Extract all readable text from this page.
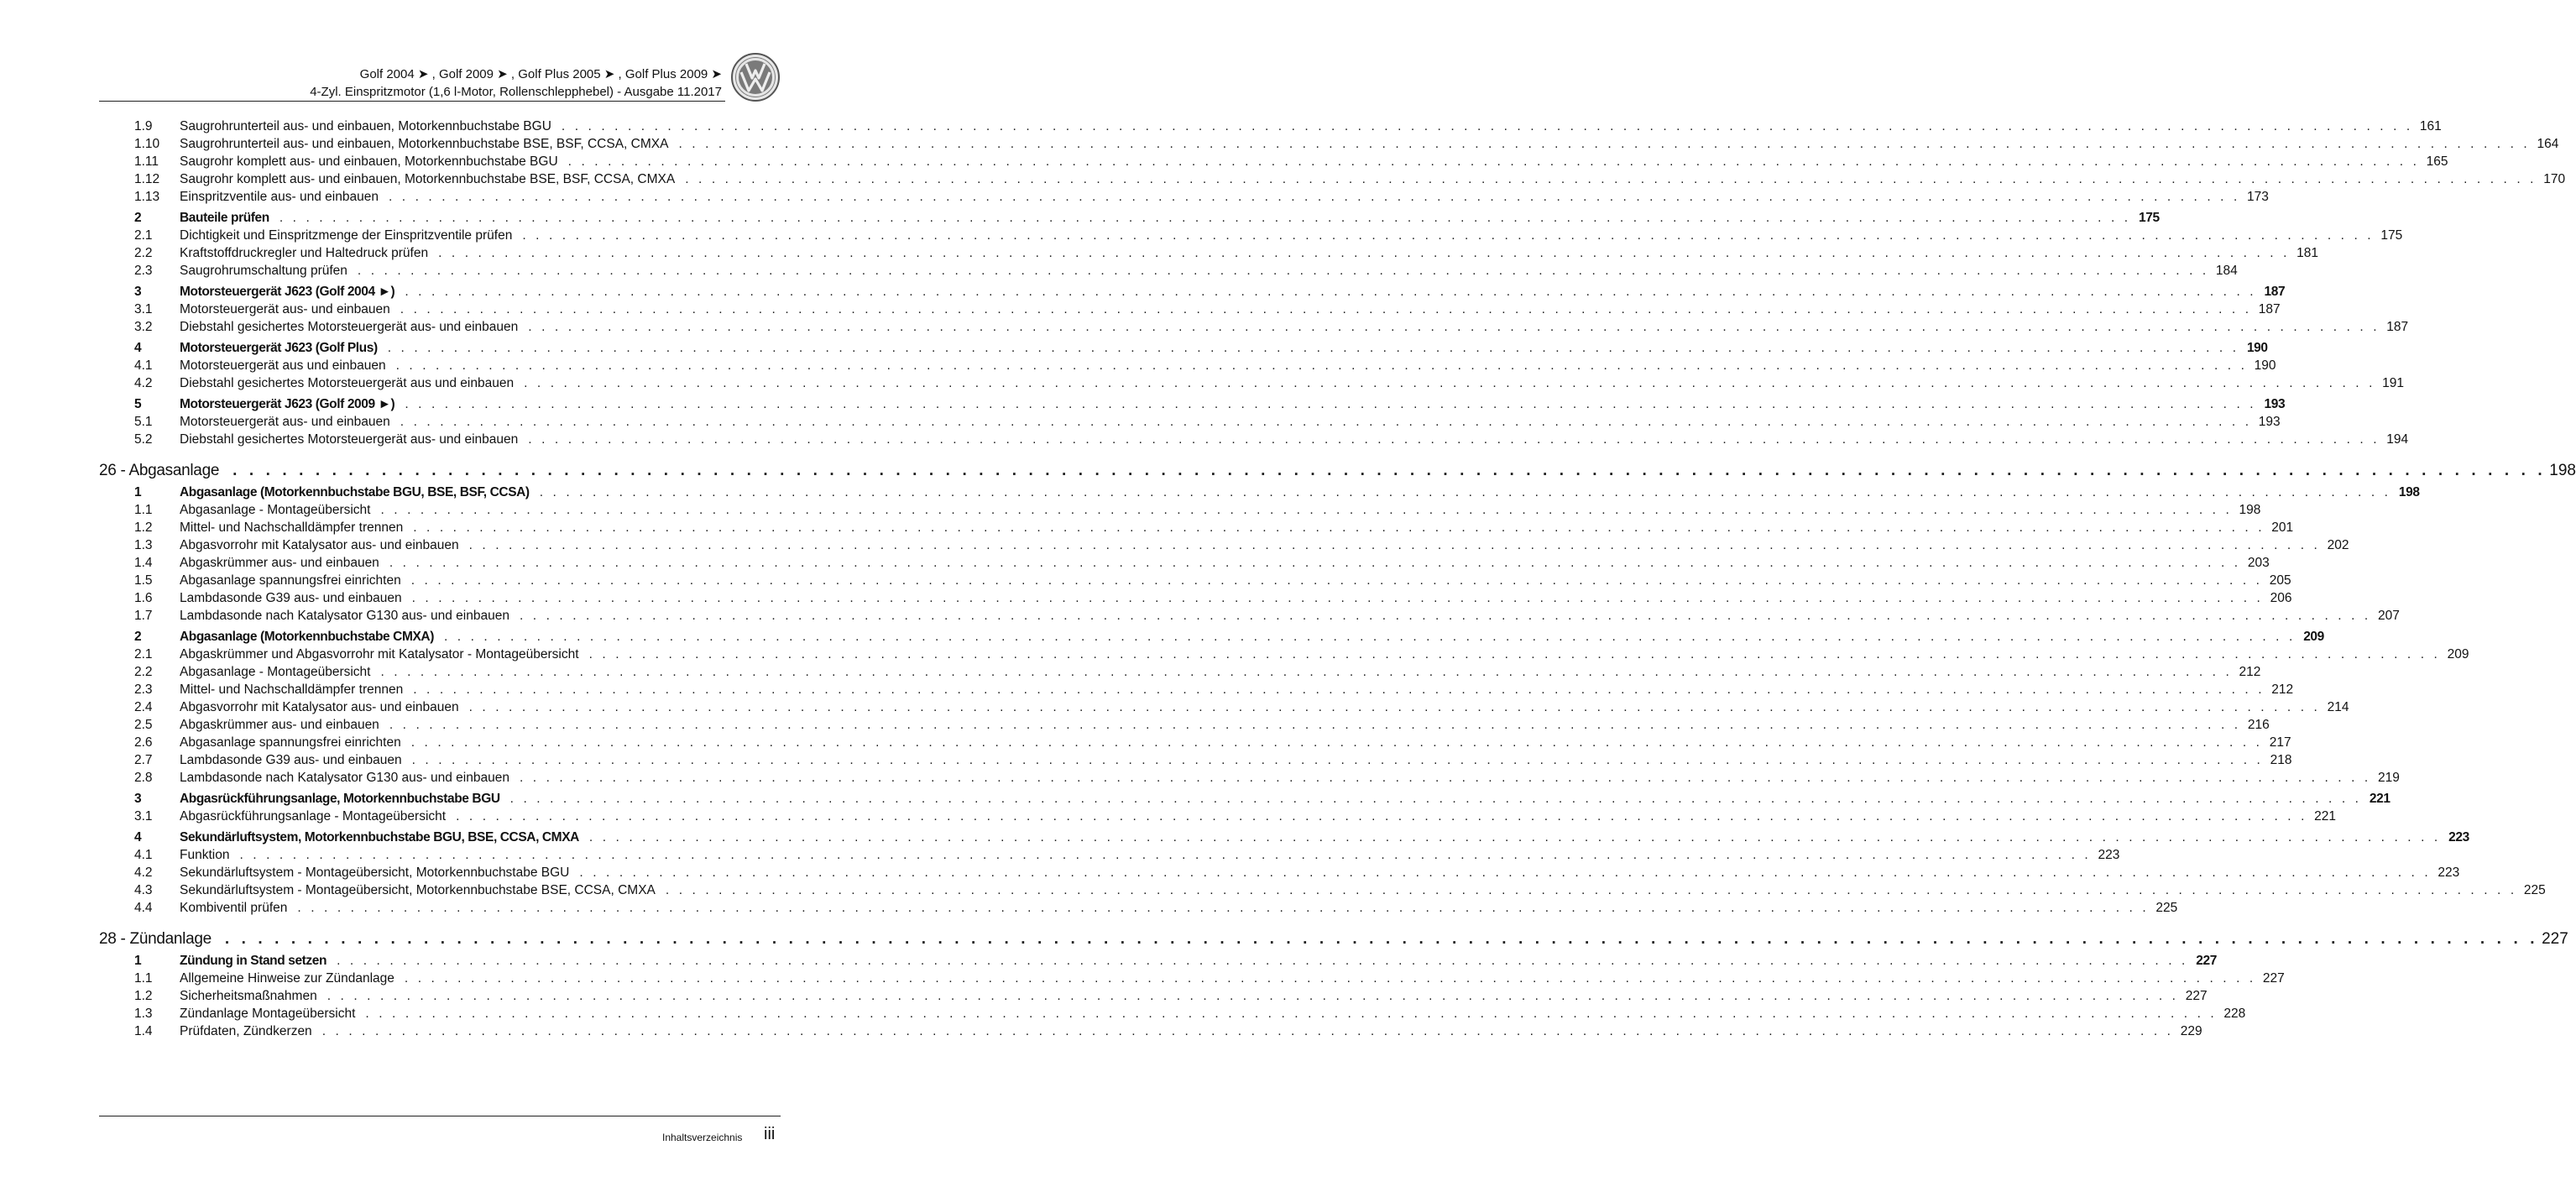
Golf 2004 ➤ , Golf 2009 ➤ , Golf Plus 2005 ➤ , Golf Plus 2009 ➤
4-Zyl. Einspritzmotor (1,6 l-Motor, Rollenschlepphebel) - Ausgabe 11.2017
1.9	Saugrohrunterteil aus- und einbauen, Motorkennbuchstabe BGU . . . . . . . . . . . . . . . . . . . . . . . . . . . . . . . . . . . . . . . . . . . . . . . . . . . . . . . . . . . . . . . . . . . . . . . . . . . . . . . . . . . . . . . . . . . . . . . . . . . . . . . . . . . . . . . . . . . . . . . . . . . . . . . . . . . . . . . . . . . . 161
1.10	Saugrohrunterteil aus- und einbauen, Motorkennbuchstabe BSE, BSF, CCSA, CMXA . . . . . . . . . . . . . . . . . . . . . . . . . . . . . . . . . . . . . . . . . . . . . . . . . . . . . . . . . . . . . . . . . . . . . . . . . . . . . . . . . . . . . . . . . . . . . . . . . . . . . . . . . . . . . . . . . . . . . . . . . . . . . . . . . . . . . . . . . . . . 164
1.11	Saugrohr komplett aus- und einbauen, Motorkennbuchstabe BGU . . . . . . . . . . . . . . . . . . . . . . . . . . . . . . . . . . . . . . . . . . . . . . . . . . . . . . . . . . . . . . . . . . . . . . . . . . . . . . . . . . . . . . . . . . . . . . . . . . . . . . . . . . . . . . . . . . . . . . . . . . . . . . . . . . . . . . . . . . . . 165
1.12	Saugrohr komplett aus- und einbauen, Motorkennbuchstabe BSE, BSF, CCSA, CMXA . . . . . . . . . . . . . . . . . . . . . . . . . . . . . . . . . . . . . . . . . . . . . . . . . . . . . . . . . . . . . . . . . . . . . . . . . . . . . . . . . . . . . . . . . . . . . . . . . . . . . . . . . . . . . . . . . . . . . . . . . . . . . . . . . . . . . . . . . . . . 170
1.13	Einspritzventile aus- und einbauen . . . . . . . . . . . . . . . . . . . . . . . . . . . . . . . . . . . . . . . . . . . . . . . . . . . . . . . . . . . . . . . . . . . . . . . . . . . . . . . . . . . . . . . . . . . . . . . . . . . . . . . . . . . . . . . . . . . . . . . . . . . . . . . . . . . . . . . . . . . . 173
2	Bauteile prüfen . . . . . . . . . . . . . . . . . . . . . . . . . . . . . . . . . . . . . . . . . . . . . . . . . . . . . . . . . . . . . . . . . . . . . . . . . . . . . . . . . . . . . . . . . . . . . . . . . . . . . . . . . . . . . . . . . . . . . . . . . . . . . . . . . . . . . . . . . . . . 175
2.1	Dichtigkeit und Einspritzmenge der Einspritzventile prüfen . . . . . . . . . . . . . . . . . . . . . . . . . . . . . . . . . . . . . . . . . . . . . . . . . . . . . . . . . . . . . . . . . . . . . . . . . . . . . . . . . . . . . . . . . . . . . . . . . . . . . . . . . . . . . . . . . . . . . . . . . . . . . . . . . . . . . . . . . . . . 175
2.2	Kraftstoffdruckregler und Haltedruck prüfen . . . . . . . . . . . . . . . . . . . . . . . . . . . . . . . . . . . . . . . . . . . . . . . . . . . . . . . . . . . . . . . . . . . . . . . . . . . . . . . . . . . . . . . . . . . . . . . . . . . . . . . . . . . . . . . . . . . . . . . . . . . . . . . . . . . . . . . . . . . . 181
2.3	Saugrohrumschaltung prüfen . . . . . . . . . . . . . . . . . . . . . . . . . . . . . . . . . . . . . . . . . . . . . . . . . . . . . . . . . . . . . . . . . . . . . . . . . . . . . . . . . . . . . . . . . . . . . . . . . . . . . . . . . . . . . . . . . . . . . . . . . . . . . . . . . . . . . . . . . . . . 184
3	Motorsteuergerät J623 (Golf 2004 ►) . . . . . . . . . . . . . . . . . . . . . . . . . . . . . . . . . . . . . . . . . . . . . . . . . . . . . . . . . . . . . . . . . . . . . . . . . . . . . . . . . . . . . . . . . . . . . . . . . . . . . . . . . . . . . . . . . . . . . . . . . . . . . . . . . . . . . . . . . . . . 187
3.1	Motorsteuergerät aus- und einbauen . . . . . . . . . . . . . . . . . . . . . . . . . . . . . . . . . . . . . . . . . . . . . . . . . . . . . . . . . . . . . . . . . . . . . . . . . . . . . . . . . . . . . . . . . . . . . . . . . . . . . . . . . . . . . . . . . . . . . . . . . . . . . . . . . . . . . . . . . . . . 187
3.2	Diebstahl gesichertes Motorsteuergerät aus- und einbauen . . . . . . . . . . . . . . . . . . . . . . . . . . . . . . . . . . . . . . . . . . . . . . . . . . . . . . . . . . . . . . . . . . . . . . . . . . . . . . . . . . . . . . . . . . . . . . . . . . . . . . . . . . . . . . . . . . . . . . . . . . . . . . . . . . . . . . . . . . . . 187
4	Motorsteuergerät J623 (Golf Plus) . . . . . . . . . . . . . . . . . . . . . . . . . . . . . . . . . . . . . . . . . . . . . . . . . . . . . . . . . . . . . . . . . . . . . . . . . . . . . . . . . . . . . . . . . . . . . . . . . . . . . . . . . . . . . . . . . . . . . . . . . . . . . . . . . . . . . . . . . . . . 190
4.1	Motorsteuergerät aus und einbauen . . . . . . . . . . . . . . . . . . . . . . . . . . . . . . . . . . . . . . . . . . . . . . . . . . . . . . . . . . . . . . . . . . . . . . . . . . . . . . . . . . . . . . . . . . . . . . . . . . . . . . . . . . . . . . . . . . . . . . . . . . . . . . . . . . . . . . . . . . . . 190
4.2	Diebstahl gesichertes Motorsteuergerät aus und einbauen . . . . . . . . . . . . . . . . . . . . . . . . . . . . . . . . . . . . . . . . . . . . . . . . . . . . . . . . . . . . . . . . . . . . . . . . . . . . . . . . . . . . . . . . . . . . . . . . . . . . . . . . . . . . . . . . . . . . . . . . . . . . . . . . . . . . . . . . . . . . 191
5	Motorsteuergerät J623 (Golf 2009 ►) . . . . . . . . . . . . . . . . . . . . . . . . . . . . . . . . . . . . . . . . . . . . . . . . . . . . . . . . . . . . . . . . . . . . . . . . . . . . . . . . . . . . . . . . . . . . . . . . . . . . . . . . . . . . . . . . . . . . . . . . . . . . . . . . . . . . . . . . . . . . 193
5.1	Motorsteuergerät aus- und einbauen . . . . . . . . . . . . . . . . . . . . . . . . . . . . . . . . . . . . . . . . . . . . . . . . . . . . . . . . . . . . . . . . . . . . . . . . . . . . . . . . . . . . . . . . . . . . . . . . . . . . . . . . . . . . . . . . . . . . . . . . . . . . . . . . . . . . . . . . . . . . 193
5.2	Diebstahl gesichertes Motorsteuergerät aus- und einbauen . . . . . . . . . . . . . . . . . . . . . . . . . . . . . . . . . . . . . . . . . . . . . . . . . . . . . . . . . . . . . . . . . . . . . . . . . . . . . . . . . . . . . . . . . . . . . . . . . . . . . . . . . . . . . . . . . . . . . . . . . . . . . . . . . . . . . . . . . . . . 194
26 - Abgasanlage . . . . . . . . . . . . . . . . . . . . . . . . . . . . . . . . . . . . . . . . . . . . . . . . . . . . . . . . . . . . . . . . . . . . . . . . . . . . . . . . . . . . . . . . . . . . . . . . . . . . . . . . . . . . . . . . . . . . . . . . . . . . . . . . . . . . . . . . . . . . 198
1	Abgasanlage (Motorkennbuchstabe BGU, BSE, BSF, CCSA) . . . . . . . . . . . . . . . . . . . . . . . . . . . . . . . . . . . . . . . . . . . . . . . . . . . . . . . . . . . . . . . . . . . . . . . . . . . . . . . . . . . . . . . . . . . . . . . . . . . . . . . . . . . . . . . . . . . . . . . . . . . . . . . . . . . . . . . . . . . . 198
1.1	Abgasanlage - Montageübersicht . . . . . . . . . . . . . . . . . . . . . . . . . . . . . . . . . . . . . . . . . . . . . . . . . . . . . . . . . . . . . . . . . . . . . . . . . . . . . . . . . . . . . . . . . . . . . . . . . . . . . . . . . . . . . . . . . . . . . . . . . . . . . . . . . . . . . . . . . . . . 198
1.2	Mittel- und Nachschalldämpfer trennen . . . . . . . . . . . . . . . . . . . . . . . . . . . . . . . . . . . . . . . . . . . . . . . . . . . . . . . . . . . . . . . . . . . . . . . . . . . . . . . . . . . . . . . . . . . . . . . . . . . . . . . . . . . . . . . . . . . . . . . . . . . . . . . . . . . . . . . . . . . . 201
1.3	Abgasvorrohr mit Katalysator aus- und einbauen . . . . . . . . . . . . . . . . . . . . . . . . . . . . . . . . . . . . . . . . . . . . . . . . . . . . . . . . . . . . . . . . . . . . . . . . . . . . . . . . . . . . . . . . . . . . . . . . . . . . . . . . . . . . . . . . . . . . . . . . . . . . . . . . . . . . . . . . . . . . 202
1.4	Abgaskrümmer aus- und einbauen . . . . . . . . . . . . . . . . . . . . . . . . . . . . . . . . . . . . . . . . . . . . . . . . . . . . . . . . . . . . . . . . . . . . . . . . . . . . . . . . . . . . . . . . . . . . . . . . . . . . . . . . . . . . . . . . . . . . . . . . . . . . . . . . . . . . . . . . . . . . 203
1.5	Abgasanlage spannungsfrei einrichten . . . . . . . . . . . . . . . . . . . . . . . . . . . . . . . . . . . . . . . . . . . . . . . . . . . . . . . . . . . . . . . . . . . . . . . . . . . . . . . . . . . . . . . . . . . . . . . . . . . . . . . . . . . . . . . . . . . . . . . . . . . . . . . . . . . . . . . . . . . . 205
1.6	Lambdasonde G39 aus- und einbauen . . . . . . . . . . . . . . . . . . . . . . . . . . . . . . . . . . . . . . . . . . . . . . . . . . . . . . . . . . . . . . . . . . . . . . . . . . . . . . . . . . . . . . . . . . . . . . . . . . . . . . . . . . . . . . . . . . . . . . . . . . . . . . . . . . . . . . . . . . . . 206
1.7	Lambdasonde nach Katalysator G130 aus- und einbauen . . . . . . . . . . . . . . . . . . . . . . . . . . . . . . . . . . . . . . . . . . . . . . . . . . . . . . . . . . . . . . . . . . . . . . . . . . . . . . . . . . . . . . . . . . . . . . . . . . . . . . . . . . . . . . . . . . . . . . . . . . . . . . . . . . . . . . . . . . . . 207
2	Abgasanlage (Motorkennbuchstabe CMXA) . . . . . . . . . . . . . . . . . . . . . . . . . . . . . . . . . . . . . . . . . . . . . . . . . . . . . . . . . . . . . . . . . . . . . . . . . . . . . . . . . . . . . . . . . . . . . . . . . . . . . . . . . . . . . . . . . . . . . . . . . . . . . . . . . . . . . . . . . . . . 209
2.1	Abgaskrümmer und Abgasvorrohr mit Katalysator - Montageübersicht . . . . . . . . . . . . . . . . . . . . . . . . . . . . . . . . . . . . . . . . . . . . . . . . . . . . . . . . . . . . . . . . . . . . . . . . . . . . . . . . . . . . . . . . . . . . . . . . . . . . . . . . . . . . . . . . . . . . . . . . . . . . . . . . . . . . . . . . . . . . 209
2.2	Abgasanlage - Montageübersicht . . . . . . . . . . . . . . . . . . . . . . . . . . . . . . . . . . . . . . . . . . . . . . . . . . . . . . . . . . . . . . . . . . . . . . . . . . . . . . . . . . . . . . . . . . . . . . . . . . . . . . . . . . . . . . . . . . . . . . . . . . . . . . . . . . . . . . . . . . . . 212
2.3	Mittel- und Nachschalldämpfer trennen . . . . . . . . . . . . . . . . . . . . . . . . . . . . . . . . . . . . . . . . . . . . . . . . . . . . . . . . . . . . . . . . . . . . . . . . . . . . . . . . . . . . . . . . . . . . . . . . . . . . . . . . . . . . . . . . . . . . . . . . . . . . . . . . . . . . . . . . . . . . 212
2.4	Abgasvorrohr mit Katalysator aus- und einbauen . . . . . . . . . . . . . . . . . . . . . . . . . . . . . . . . . . . . . . . . . . . . . . . . . . . . . . . . . . . . . . . . . . . . . . . . . . . . . . . . . . . . . . . . . . . . . . . . . . . . . . . . . . . . . . . . . . . . . . . . . . . . . . . . . . . . . . . . . . . . 214
2.5	Abgaskrümmer aus- und einbauen . . . . . . . . . . . . . . . . . . . . . . . . . . . . . . . . . . . . . . . . . . . . . . . . . . . . . . . . . . . . . . . . . . . . . . . . . . . . . . . . . . . . . . . . . . . . . . . . . . . . . . . . . . . . . . . . . . . . . . . . . . . . . . . . . . . . . . . . . . . . 216
2.6	Abgasanlage spannungsfrei einrichten . . . . . . . . . . . . . . . . . . . . . . . . . . . . . . . . . . . . . . . . . . . . . . . . . . . . . . . . . . . . . . . . . . . . . . . . . . . . . . . . . . . . . . . . . . . . . . . . . . . . . . . . . . . . . . . . . . . . . . . . . . . . . . . . . . . . . . . . . . . . 217
2.7	Lambdasonde G39 aus- und einbauen . . . . . . . . . . . . . . . . . . . . . . . . . . . . . . . . . . . . . . . . . . . . . . . . . . . . . . . . . . . . . . . . . . . . . . . . . . . . . . . . . . . . . . . . . . . . . . . . . . . . . . . . . . . . . . . . . . . . . . . . . . . . . . . . . . . . . . . . . . . . 218
2.8	Lambdasonde nach Katalysator G130 aus- und einbauen . . . . . . . . . . . . . . . . . . . . . . . . . . . . . . . . . . . . . . . . . . . . . . . . . . . . . . . . . . . . . . . . . . . . . . . . . . . . . . . . . . . . . . . . . . . . . . . . . . . . . . . . . . . . . . . . . . . . . . . . . . . . . . . . . . . . . . . . . . . . 219
3	Abgasrückführungsanlage, Motorkennbuchstabe BGU . . . . . . . . . . . . . . . . . . . . . . . . . . . . . . . . . . . . . . . . . . . . . . . . . . . . . . . . . . . . . . . . . . . . . . . . . . . . . . . . . . . . . . . . . . . . . . . . . . . . . . . . . . . . . . . . . . . . . . . . . . . . . . . . . . . . . . . . . . . . 221
3.1	Abgasrückführungsanlage - Montageübersicht . . . . . . . . . . . . . . . . . . . . . . . . . . . . . . . . . . . . . . . . . . . . . . . . . . . . . . . . . . . . . . . . . . . . . . . . . . . . . . . . . . . . . . . . . . . . . . . . . . . . . . . . . . . . . . . . . . . . . . . . . . . . . . . . . . . . . . . . . . . . 221
4	Sekundärluftsystem, Motorkennbuchstabe BGU, BSE, CCSA, CMXA . . . . . . . . . . . . . . . . . . . . . . . . . . . . . . . . . . . . . . . . . . . . . . . . . . . . . . . . . . . . . . . . . . . . . . . . . . . . . . . . . . . . . . . . . . . . . . . . . . . . . . . . . . . . . . . . . . . . . . . . . . . . . . . . . . . . . . . . . . . . 223
4.1	Funktion . . . . . . . . . . . . . . . . . . . . . . . . . . . . . . . . . . . . . . . . . . . . . . . . . . . . . . . . . . . . . . . . . . . . . . . . . . . . . . . . . . . . . . . . . . . . . . . . . . . . . . . . . . . . . . . . . . . . . . . . . . . . . . . . . . . . . . . . . . . . 223
4.2	Sekundärluftsystem - Montageübersicht, Motorkennbuchstabe BGU . . . . . . . . . . . . . . . . . . . . . . . . . . . . . . . . . . . . . . . . . . . . . . . . . . . . . . . . . . . . . . . . . . . . . . . . . . . . . . . . . . . . . . . . . . . . . . . . . . . . . . . . . . . . . . . . . . . . . . . . . . . . . . . . . . . . . . . . . . . . 223
4.3	Sekundärluftsystem - Montageübersicht, Motorkennbuchstabe BSE, CCSA, CMXA . . . . . . . . . . . . . . . . . . . . . . . . . . . . . . . . . . . . . . . . . . . . . . . . . . . . . . . . . . . . . . . . . . . . . . . . . . . . . . . . . . . . . . . . . . . . . . . . . . . . . . . . . . . . . . . . . . . . . . . . . . . . . . . . . . . . . . . . . . . . 225
4.4	Kombiventil prüfen . . . . . . . . . . . . . . . . . . . . . . . . . . . . . . . . . . . . . . . . . . . . . . . . . . . . . . . . . . . . . . . . . . . . . . . . . . . . . . . . . . . . . . . . . . . . . . . . . . . . . . . . . . . . . . . . . . . . . . . . . . . . . . . . . . . . . . . . . . . . 225
28 - Zündanlage . . . . . . . . . . . . . . . . . . . . . . . . . . . . . . . . . . . . . . . . . . . . . . . . . . . . . . . . . . . . . . . . . . . . . . . . . . . . . . . . . . . . . . . . . . . . . . . . . . . . . . . . . . . . . . . . . . . . . . . . . . . . . . . . . . . . . . . . . . . . 227
1	Zündung in Stand setzen . . . . . . . . . . . . . . . . . . . . . . . . . . . . . . . . . . . . . . . . . . . . . . . . . . . . . . . . . . . . . . . . . . . . . . . . . . . . . . . . . . . . . . . . . . . . . . . . . . . . . . . . . . . . . . . . . . . . . . . . . . . . . . . . . . . . . . . . . . . . 227
1.1	Allgemeine Hinweise zur Zündanlage . . . . . . . . . . . . . . . . . . . . . . . . . . . . . . . . . . . . . . . . . . . . . . . . . . . . . . . . . . . . . . . . . . . . . . . . . . . . . . . . . . . . . . . . . . . . . . . . . . . . . . . . . . . . . . . . . . . . . . . . . . . . . . . . . . . . . . . . . . . . 227
1.2	Sicherheitsmaßnahmen . . . . . . . . . . . . . . . . . . . . . . . . . . . . . . . . . . . . . . . . . . . . . . . . . . . . . . . . . . . . . . . . . . . . . . . . . . . . . . . . . . . . . . . . . . . . . . . . . . . . . . . . . . . . . . . . . . . . . . . . . . . . . . . . . . . . . . . . . . . . 227
1.3	Zündanlage Montageübersicht . . . . . . . . . . . . . . . . . . . . . . . . . . . . . . . . . . . . . . . . . . . . . . . . . . . . . . . . . . . . . . . . . . . . . . . . . . . . . . . . . . . . . . . . . . . . . . . . . . . . . . . . . . . . . . . . . . . . . . . . . . . . . . . . . . . . . . . . . . . . 228
1.4	Prüfdaten, Zündkerzen . . . . . . . . . . . . . . . . . . . . . . . . . . . . . . . . . . . . . . . . . . . . . . . . . . . . . . . . . . . . . . . . . . . . . . . . . . . . . . . . . . . . . . . . . . . . . . . . . . . . . . . . . . . . . . . . . . . . . . . . . . . . . . . . . . . . . . . . . . . . 229
Inhaltsverzeichnis iii
